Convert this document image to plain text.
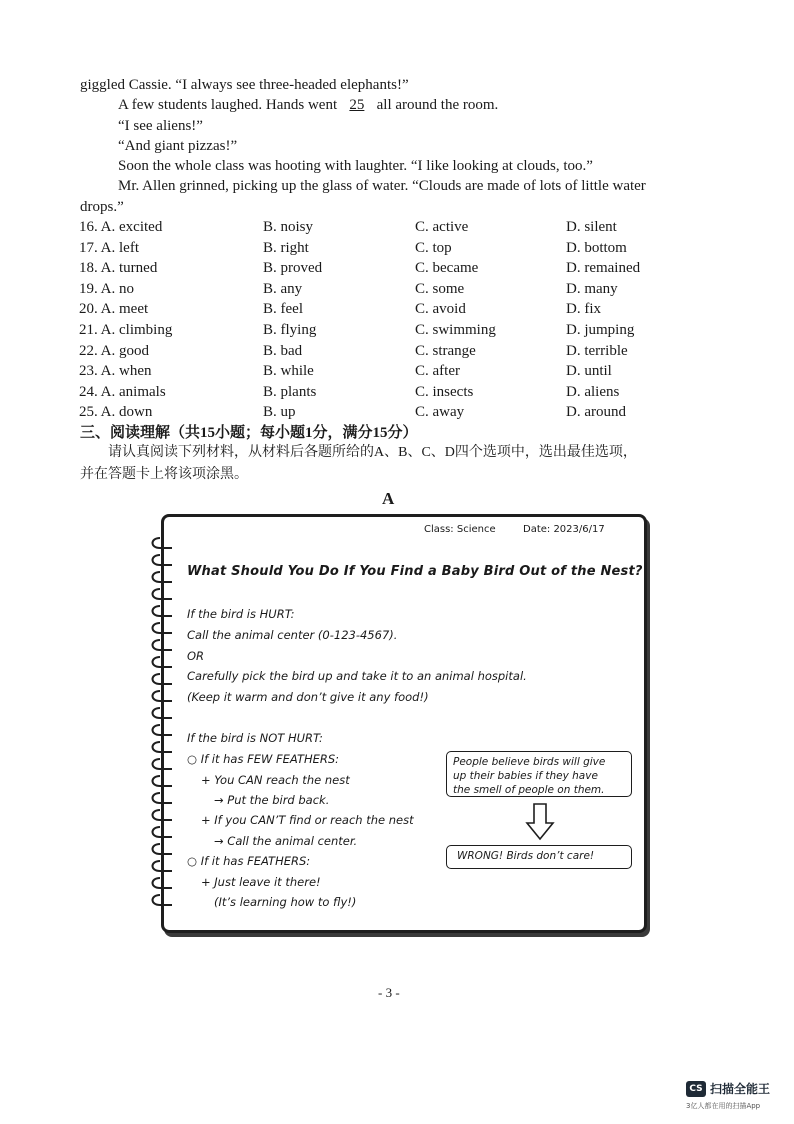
giggled Cassie. “I always see three-headed elephants!”
A few students laughed. Hands went 25 all around the room.
“I see aliens!”
“And giant pizzas!”
Soon the whole class was hooting with laughter. “I like looking at clouds, too.”
Mr. Allen grinned, picking up the glass of water. “Clouds are made of lots of little water
drops.”
16. A. excited	B. noisy	C. active	D. silent
17. A. left	B. right	C. top	D. bottom
18. A. turned	B. proved	C. became	D. remained
19. A. no	B. any	C. some	D. many
20. A. meet	B. feel	C. avoid	D. fix
21. A. climbing	B. flying	C. swimming	D. jumping
22. A. good	B. bad	C. strange	D. terrible
23. A. when	B. while	C. after	D. until
24. A. animals	B. plants	C. insects	D. aliens
25. A. down	B. up	C. away	D. around
三、阅读理解（共15小题；每小题1分，满分15分）
请认真阅读下列材料，从材料后各题所给的A、B、C、D四个选项中，选出最佳选项，
并在答题卡上将该项涂黑。
A
Class: Science	Date: 2023/6/17
What Should You Do If You Find a Baby Bird Out of the Nest?
If the bird is HURT:
Call the animal center (0-123-4567).
OR
Carefully pick the bird up and take it to an animal hospital.
(Keep it warm and don’t give it any food!)
If the bird is NOT HURT:
○ If it has FEW FEATHERS:
+ You CAN reach the nest
→ Put the bird back.
+ If you CAN’T find or reach the nest
→ Call the animal center.
○ If it has FEATHERS:
+ Just leave it there!
(It’s learning how to fly!)
People believe birds will give
up their babies if they have
the smell of people on them.
WRONG! Birds don’t care!
- 3 -
CS 扫描全能王
3亿人都在用的扫描App
